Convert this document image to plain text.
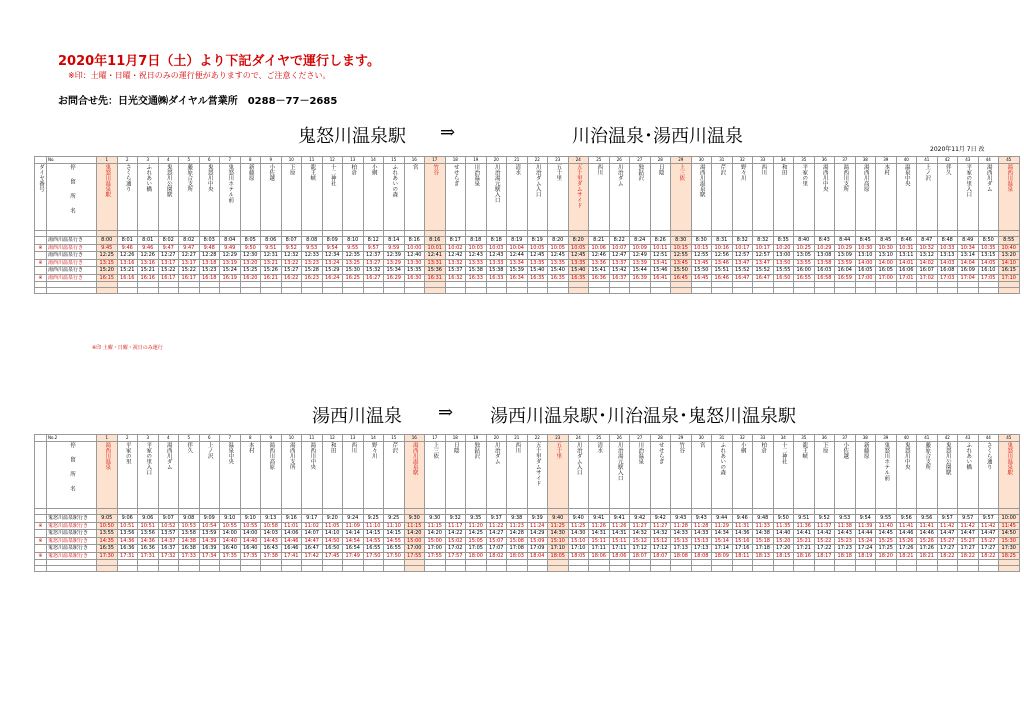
2020年11月7日（土）より下記ダイヤで運行します。
※印：土曜・日曜・祝日のみの運行便がありますので、ご注意ください。
お問合せ先：日光交通㈱ダイヤル営業所　0288－77－2685
鬼怒川温泉駅 ⇒	川治温泉･湯西川温泉
2020年11月 7日 改
	No.	1	2	3	4	5	6	7	8	9	10	11	12	13	14	15	16	17	18	19	20	21	22	23	24	25	26	27	28	29	30	31	32	33	34	35	36	37	38	39	40	41	42	43	44	45
ダイヤ番号	停留所名	鬼怒川温泉駅	さくら通り	ふれあい橋	鬼怒川公園駅	藤原合支所	鬼怒川中央	鬼怒川ホテル前	新藤原	小佐越	下原	龍王峡	十二神社	柏倉	小網	ふれあいの森	宮	竹谷	せせらぎ	川治温泉	川治湯元駅入口	清水	川治ダム入口	五十里	五十里ダムサイド	西川	川治ダム	独鈷沢	日陰	上三依	湯西川温泉駅	芹沢	野々川	西川	和田	平家の里	湯西川中央	湯西川支所	湯西川高原	本村	温泉中央	上ノ沢	伴久	平家の里入口	湯西川ダム	湯西川温泉

	湯西川温泉行き	8:00	8:01	8:01	8:02	8:02	8:03	8:04	8:05	8:06	8:07	8:08	8:09	8:10	8:12	8:14	8:16	8:16	8:17	8:18	8:18	8:19	8:19	8:20	8:20	8:21	8:22	8:24	8:26	8:30	8:30	8:31	8:32	8:32	8:35	8:40	8:43	8:44	8:45	8:45	8:46	8:47	8:48	8:49	8:50	8:55
※	湯西川温泉行き	9:45	9:46	9:46	9:47	9:47	9:48	9:49	9:50	9:51	9:52	9:53	9:54	9:55	9:57	9:59	10:00	10:01	10:02	10:03	10:03	10:04	10:05	10:05	10:05	10:06	10:07	10:09	10:11	10:15	10:15	10:16	10:17	10:17	10:20	10:25	10:29	10:29	10:30	10:30	10:31	10:32	10:33	10:34	10:35	10:40
	湯西川温泉行き	12:25	12:26	12:26	12:27	12:27	12:28	12:29	12:30	12:31	12:32	12:33	12:34	12:35	12:37	12:39	12:40	12:41	12:42	12:43	12:43	12:44	12:45	12:45	12:45	12:46	12:47	12:49	12:51	12:55	12:55	12:56	12:57	12:57	13:00	13:05	13:08	13:09	13:10	13:10	13:11	13:12	13:13	13:14	13:15	13:20
※	湯西川温泉行き	13:15	13:16	13:16	13:17	13:17	13:18	13:19	13:20	13:21	13:22	13:23	13:24	13:25	13:27	13:29	13:30	13:31	13:32	13:33	13:33	13:34	13:35	13:35	13:35	13:36	13:37	13:39	13:41	13:45	13:45	13:46	13:47	13:47	13:50	13:55	13:58	13:59	14:00	14:00	14:01	14:02	14:03	14:04	14:05	14:10
	湯西川温泉行き	15:20	15:21	15:21	15:22	15:22	15:23	15:24	15:25	15:26	15:27	15:28	15:29	15:30	15:32	15:34	15:35	15:36	15:37	15:38	15:38	15:39	15:40	15:40	15:40	15:41	15:42	15:44	15:46	15:50	15:50	15:51	15:52	15:52	15:55	16:00	16:03	16:04	16:05	16:05	16:06	16:07	16:08	16:09	16:10	16:15
※	湯西川温泉行き	16:15	16:16	16:16	16:17	16:17	16:18	16:19	16:20	16:21	16:22	16:23	16:24	16:25	16:27	16:29	16:30	16:31	16:32	16:33	16:33	16:34	16:35	16:35	16:35	16:36	16:37	16:39	16:41	16:45	16:45	16:46	16:47	16:47	16:50	16:55	16:58	16:59	17:00	17:00	17:01	17:02	17:03	17:04	17:05	17:10

※印 土曜・日曜・祝日のみ運行
湯西川温泉 ⇒ 湯西川温泉駅･川治温泉･鬼怒川温泉駅
	No.2	1	2	3	4	5	6	7	8	9	10	11	12	13	14	15	16	17	18	19	20	21	22	23	24	25	26	27	28	29	30	31	32	33	34	35	36	37	38	39	40	41	42	43	44	45
	停留所名	湯西川温泉	平家の里	平家の里入口	湯西川ダム	伴久	上ノ沢	温泉中央	本村	湯西川高原	湯西川支所	湯西川中央	和田	西川	野々川	芹沢	湯西川温泉駅	上三依	日陰	独鈷沢	川治ダム	西川	五十里ダムサイド	五十里	川治ダム入口	清水	川治湯元駅入口	川治温泉	せせらぎ	竹谷	宮	ふれあいの森	小網	柏倉	十二神社	龍王峡	下原	小佐越	新藤原	鬼怒川ホテル前	鬼怒川中央	藤原合支所	鬼怒川公園駅	ふれあい橋	さくら通り	鬼怒川温泉駅

	鬼怒川温泉駅行き	9:05	9:06	9:06	9:07	9:08	9:09	9:10	9:10	9:13	9:16	9:17	9:20	9:24	9:25	9:25	9:30	9:30	9:32	9:35	9:37	9:38	9:39	9:40	9:40	9:41	9:41	9:42	9:42	9:43	9:43	9:44	9:46	9:48	9:50	9:51	9:52	9:53	9:54	9:55	9:56	9:56	9:57	9:57	9:57	10:00
※	鬼怒川温泉駅行き	10:50	10:51	10:51	10:52	10:53	10:54	10:55	10:55	10:58	11:01	11:02	11:05	11:09	11:10	11:10	11:15	11:15	11:17	11:20	11:22	11:23	11:24	11:25	11:25	11:26	11:26	11:27	11:27	11:28	11:28	11:29	11:31	11:33	11:35	11:36	11:37	11:38	11:39	11:40	11:41	11:41	11:42	11:42	11:42	11:45
	鬼怒川温泉駅行き	13:55	13:56	13:56	13:57	13:58	13:59	14:00	14:00	14:03	14:06	14:07	14:10	14:14	14:15	14:15	14:20	14:20	14:22	14:25	14:27	14:28	14:29	14:30	14:30	14:31	14:31	14:32	14:32	14:33	14:33	14:34	14:36	14:38	14:40	14:41	14:42	14:43	14:44	14:45	14:46	14:46	14:47	14:47	14:47	14:50
※	鬼怒川温泉駅行き	14:35	14:36	14:36	14:37	14:38	14:39	14:40	14:40	14:43	14:46	14:47	14:50	14:54	14:55	14:55	15:00	15:00	15:02	15:05	15:07	15:08	15:09	15:10	15:10	15:11	15:11	15:12	15:12	15:13	15:13	15:14	15:16	15:18	15:20	15:21	15:22	15:23	15:24	15:25	15:26	15:26	15:27	15:27	15:27	15:30
	鬼怒川温泉駅行き	16:35	16:36	16:36	16:37	16:38	16:39	16:40	16:40	16:43	16:46	16:47	16:50	16:54	16:55	16:55	17:00	17:00	17:02	17:05	17:07	17:08	17:09	17:10	17:10	17:11	17:11	17:12	17:12	17:13	17:13	17:14	17:16	17:18	17:20	17:21	17:22	17:23	17:24	17:25	17:26	17:26	17:27	17:27	17:27	17:30
※	鬼怒川温泉駅行き	17:30	17:31	17:31	17:32	17:33	17:34	17:35	17:35	17:38	17:41	17:42	17:45	17:49	17:50	17:50	17:55	17:55	17:57	18:00	18:02	18:03	18:04	18:05	18:05	18:06	18:06	18:07	18:07	18:08	18:08	18:09	18:11	18:13	18:15	18:16	18:17	18:18	18:19	18:20	18:21	18:21	18:22	18:22	18:22	18:25
